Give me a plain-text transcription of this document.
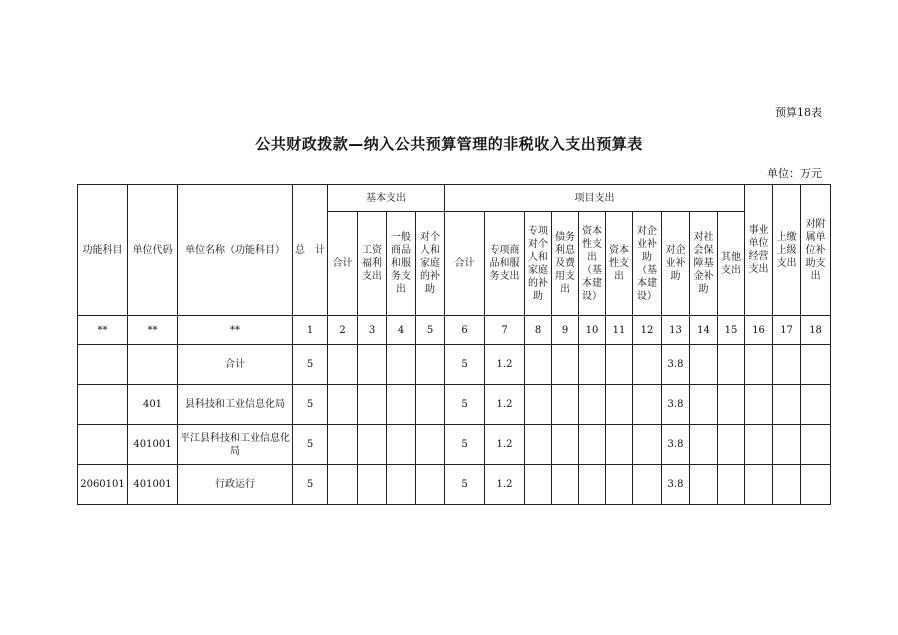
预算18表
公共财政拨款—纳入公共预算管理的非税收入支出预算表
单位：万元
功能科目	单位代码	单位名称（功能科目）	总　计	基本支出				项目支出										事业单位经营支出	上缴上级支出	对附属单位补助支出
				合计	工资福利支出	一般商品和服务支出	对个人和家庭的补助	合计	专项商品和服务支出	专项对个人和家庭的补助	债务利息及费用支出	资本性支出（基本建设）	资本性支出	对企业补助（基本建设）	对企业补助	对社会保障基金补助	其他支出			
**	**	**	1	2	3	4	5	6	7	8	9	10	11	12	13	14	15	16	17	18
		合计	5					5	1.2						3.8					
	401	县科技和工业信息化局	5					5	1.2						3.8					
	401001	平江县科技和工业信息化局	5					5	1.2						3.8					
2060101	401001	行政运行	5					5	1.2						3.8					
